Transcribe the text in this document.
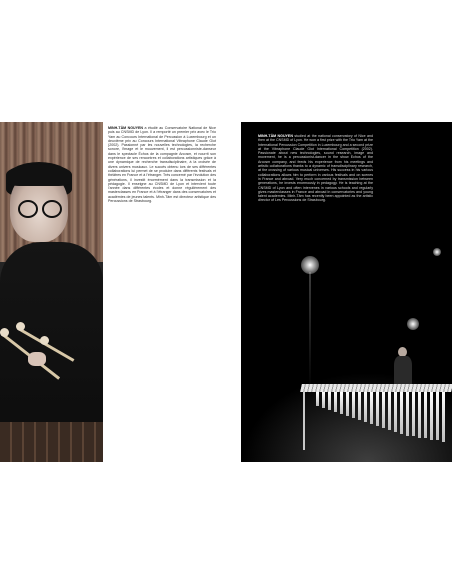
MINH-TÂM NGUYEN a étudié au Conservatoire National de Nice puis au CNSMD de Lyon. Il a remporté un premier prix avec le Trio Yam au Concours International de Percussion à Luxembourg et un deuxième prix au Concours International Vibraphone Claude Giot (2002). Passionné par les nouvelles technologies, la recherche sonore, l’image et le mouvement, il est percussionniste-danseur dans le spectacle Échos de la compagnie Arcosm, et nourrit son expérience de ses rencontres et collaborations artistiques grâce à une dynamique de recherche transdisciplinaire, à la croisée de divers univers musicaux. Le succès obtenu lors de ses différentes collaborations lui permet de se produire dans différents festivals et théâtres en France et à l’étranger. Très concerné par l’évolution des générations, il investit énormément dans la transmission et la pédagogie. Il enseigne au CNSMD de Lyon et intervient toute l’année dans différentes écoles et donne régulièrement des masterclasses en France et à l’étranger dans des conservatoires et académies de jeunes talents. Minh-Tâm est directeur artistique des Percussions de Strasbourg.
MINH-TÂM NGUYEN studied at the national conservatory of Nice and then at the CNSMD of Lyon. He won a first prize with the Trio Yam at the International Percussion Competition in Luxembourg and a second prize at the Vibraphone Claude Giot International Competition (2002). Passionate about new technologies, sound research, image and movement, he is a percussionist-dancer in the show Echos of the Arcosm company, and feeds his experience from his meetings and artistic collaborations thanks to a dynamic of transdisciplinary research, at the crossing of various musical universes. His success in his various collaborations allows him to perform in various festivals and on scenes in France and abroad. Very much concerned by transmission between generations, he invests enormously in pedagogy. He is teaching at the CNSMD of Lyon and often intervenes in various schools and regularly gives masterclasses in France and abroad in conservatories and young talent academies. Minh-Tâm has recently been appointed as the artistic director of Les Percussions de Strasbourg.
